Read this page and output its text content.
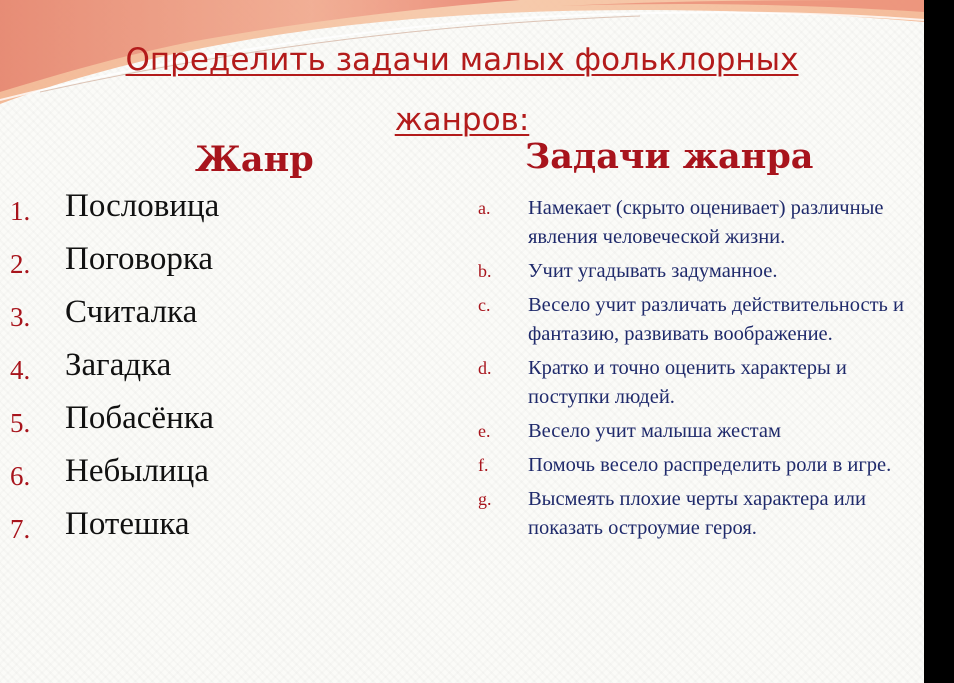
Определить задачи малых фольклорных
жанров:
Жанр	Задачи жанра
1. Пословица
2. Поговорка
3. Считалка
4. Загадка
5. Побасёнка
6. Небылица
7. Потешка
a. Намекает (скрыто оценивает) различные явления человеческой жизни.
b. Учит угадывать задуманное.
c. Весело учит различать действительность и фантазию, развивать воображение.
d. Кратко и точно оценить характеры и поступки людей.
e. Весело учит малыша жестам
f. Помочь весело распределить роли в игре.
g. Высмеять плохие черты характера или показать остроумие героя.
